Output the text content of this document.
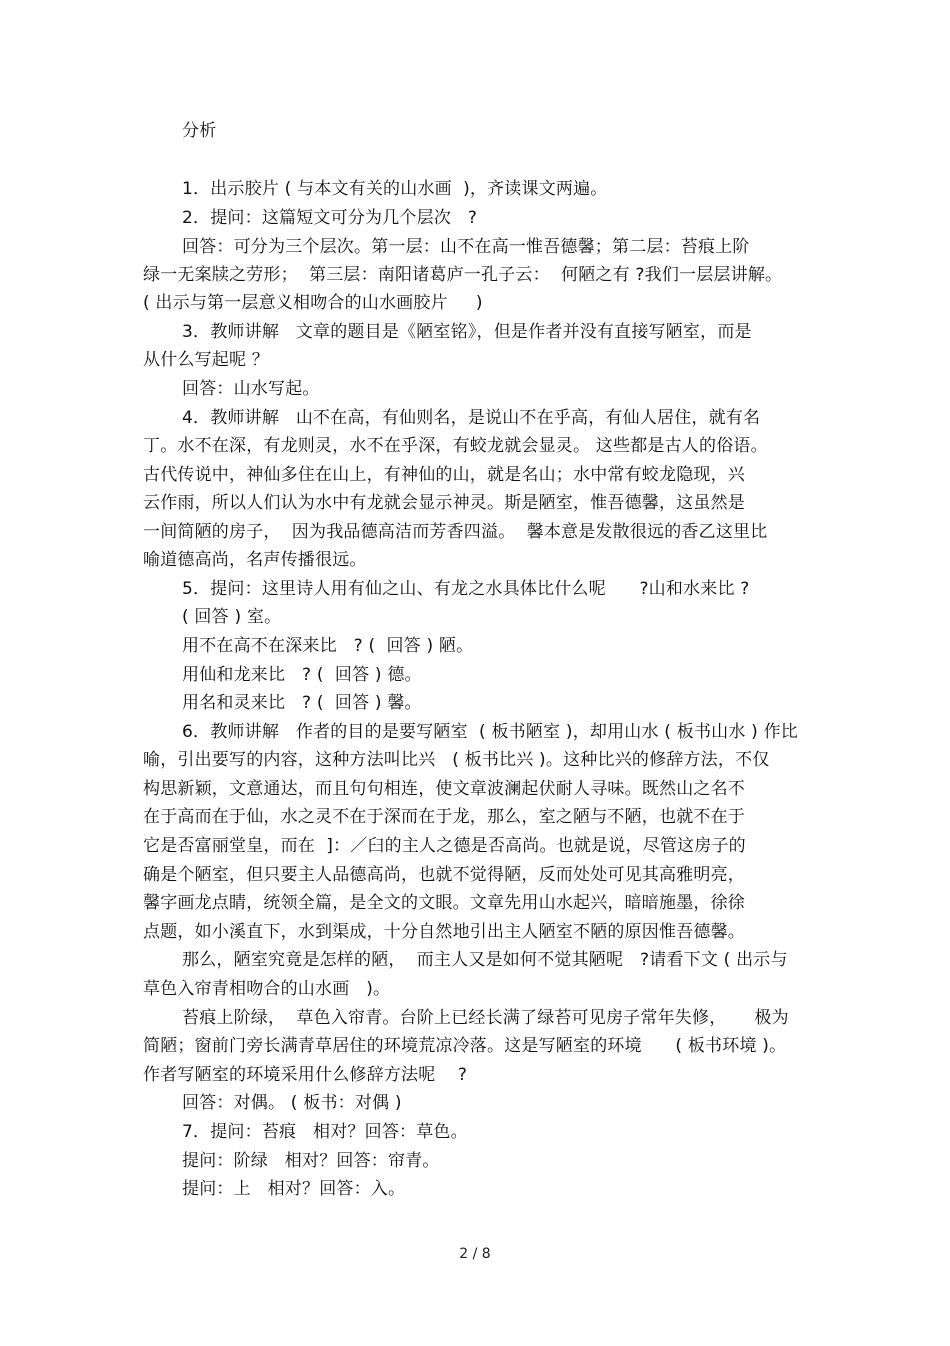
分析
1．出示胶片 ( 与本文有关的山水画  )，齐读课文两遍。
2．提问：这篇短文可分为几个层次   ?
回答：可分为三个层次。第一层：山不在高一惟吾德馨；第二层：苔痕上阶
绿一无案牍之劳形；  第三层：南阳诸葛庐一孔子云：  何陋之有 ?我们一层层讲解。
( 出示与第一层意义相吻合的山水画胶片     )
3．教师讲解   文章的题目是《陋室铭》，但是作者并没有直接写陋室，而是
从什么写起呢 ？
回答：山水写起。
4．教师讲解   山不在高，有仙则名，是说山不在乎高，有仙人居住，就有名
丁。水不在深，有龙则灵，水不在乎深，有蛟龙就会显灵。 这些都是古人的俗语。
古代传说中，神仙多住在山上，有神仙的山，就是名山；水中常有蛟龙隐现，兴
云作雨，所以人们认为水中有龙就会显示神灵。斯是陋室，惟吾德馨，这虽然是
一间简陋的房子，  因为我品德高洁而芳香四溢。  馨本意是发散很远的香乙这里比
喻道德高尚，名声传播很远。
5．提问：这里诗人用有仙之山、有龙之水具体比什么呢      ?山和水来比 ?
( 回答 ) 室。
用不在高不在深来比   ? (  回答 ) 陋。
用仙和龙来比   ? (  回答 ) 德。
用名和灵来比   ? (  回答 ) 馨。
6．教师讲解   作者的目的是要写陋室  ( 板书陋室 )，却用山水 ( 板书山水 ) 作比
喻，引出要写的内容，这种方法叫比兴   ( 板书比兴 )。这种比兴的修辞方法，不仅
构思新颖，文意通达，而且句句相连，使文章波澜起伏耐人寻味。既然山之名不
在于高而在于仙，水之灵不在于深而在于龙，那么，室之陋与不陋，也就不在于
它是否富丽堂皇，而在  ]：／臼的主人之德是否高尚。也就是说，尽管这房子的
确是个陋室，但只要主人品德高尚，也就不觉得陋，反而处处可见其高雅明亮，
馨字画龙点睛，统领全篇，是全文的文眼。文章先用山水起兴，暗暗施墨，徐徐
点题，如小溪直下，水到渠成，十分自然地引出主人陋室不陋的原因惟吾德馨。
那么，陋室究竟是怎样的陋，  而主人又是如何不觉其陋呢   ?请看下文 ( 出示与
草色入帘青相吻合的山水画   )。
苔痕上阶绿，  草色入帘青。台阶上已经长满了绿苔可见房子常年失修，     极为
简陋；窗前门旁长满青草居住的环境荒凉冷落。这是写陋室的环境      ( 板书环境 )。
作者写陋室的环境采用什么修辞方法呢    ?
回答：对偶。 ( 板书：对偶 )
7．提问：苔痕   相对？回答：草色。
提问：阶绿   相对？回答：帘青。
提问：上   相对？回答：入。
2 / 8
